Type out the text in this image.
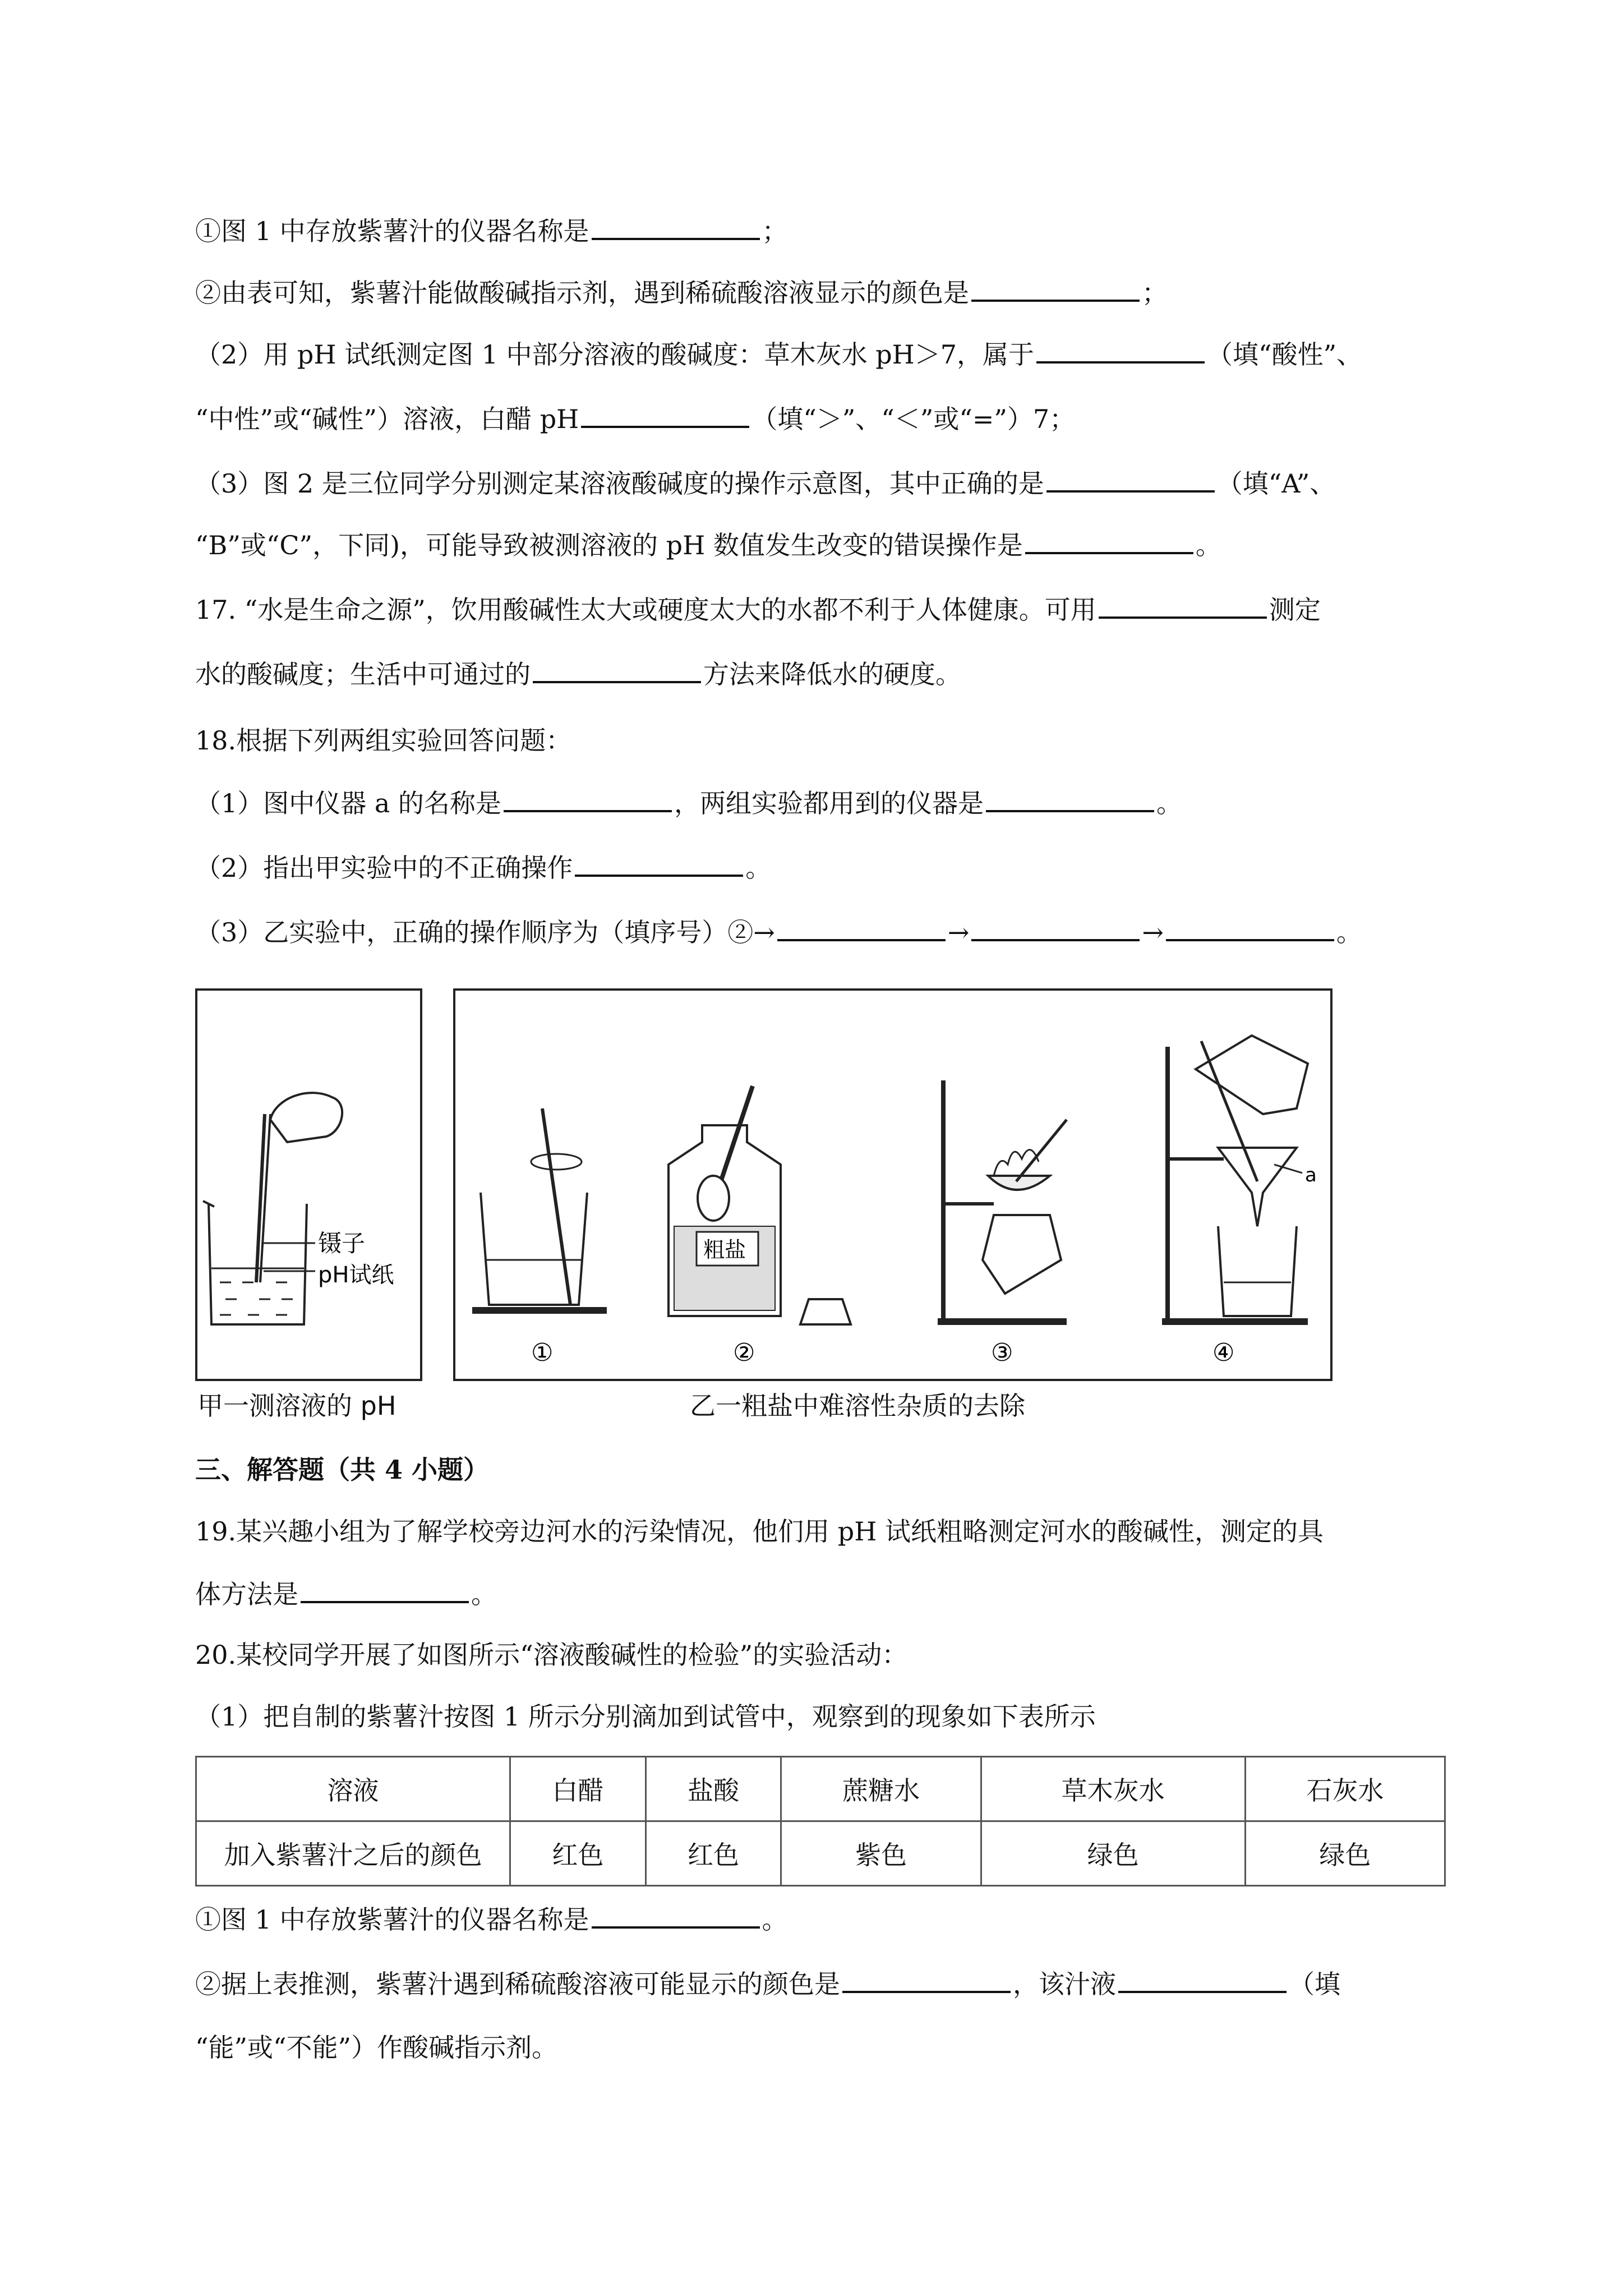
①图 1 中存放紫薯汁的仪器名称是	；
②由表可知，紫薯汁能做酸碱指示剂，遇到稀硫酸溶液显示的颜色是	；
（2）用 pH 试纸测定图 1 中部分溶液的酸碱度：草木灰水 pH＞7，属于	（填“酸性”、
“中性”或“碱性”）溶液，白醋 pH	（填“＞”、“＜”或“=”）7；
（3）图 2 是三位同学分别测定某溶液酸碱度的操作示意图，其中正确的是	（填“A”、
“B”或“C”，下同)，可能导致被测溶液的 pH 数值发生改变的错误操作是	。
17. “水是生命之源”，饮用酸碱性太大或硬度太大的水都不利于人体健康。可用	测定
水的酸碱度；生活中可通过的	方法来降低水的硬度。
18.根据下列两组实验回答问题：
（1）图中仪器 a 的名称是	，两组实验都用到的仪器是	。
（2）指出甲实验中的不正确操作	。
（3）乙实验中，正确的操作顺序为（填序号）②→	→	→	。
镊子
pH试纸
甲一测溶液的 pH
粗盐
a
①	②	③	④
乙一粗盐中难溶性杂质的去除
三、解答题（共 4 小题）
19.某兴趣小组为了解学校旁边河水的污染情况，他们用 pH 试纸粗略测定河水的酸碱性，测定的具
体方法是	。
20.某校同学开展了如图所示“溶液酸碱性的检验”的实验活动：
（1）把自制的紫薯汁按图 1 所示分别滴加到试管中，观察到的现象如下表所示
溶液	白醋	盐酸	蔗糖水	草木灰水	石灰水
加入紫薯汁之后的颜色	红色	红色	紫色	绿色	绿色
①图 1 中存放紫薯汁的仪器名称是	。
②据上表推测，紫薯汁遇到稀硫酸溶液可能显示的颜色是	，该汁液	（填
“能”或“不能”）作酸碱指示剂。
